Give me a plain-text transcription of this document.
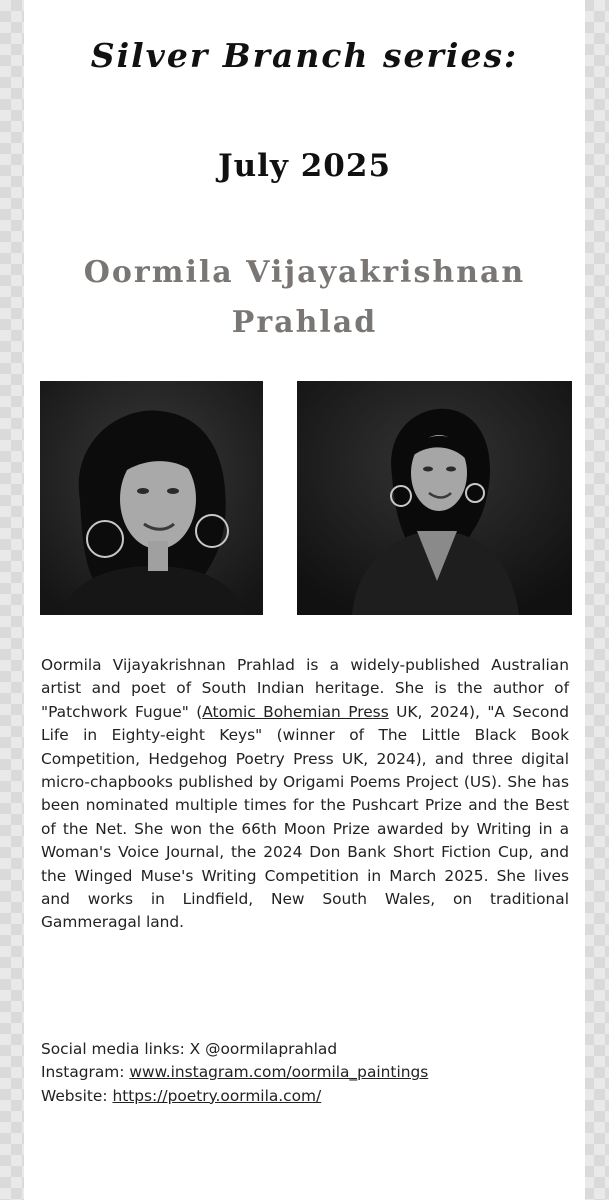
Silver Branch series:
July 2025
Oormila Vijayakrishnan Prahlad

Oormila Vijayakrishnan Prahlad is a widely-published Australian artist and poet of South Indian heritage. She is the author of "Patchwork Fugue" (Atomic Bohemian Press UK, 2024), "A Second Life in Eighty-eight Keys" (winner of The Little Black Book Competition, Hedgehog Poetry Press UK, 2024), and three digital micro-chapbooks published by Origami Poems Project (US). She has been nominated multiple times for the Pushcart Prize and the Best of the Net. She won the 66th Moon Prize awarded by Writing in a Woman's Voice Journal, the 2024 Don Bank Short Fiction Cup, and the Winged Muse's Writing Competition in March 2025. She lives and works in Lindfield, New South Wales, on traditional Gammeragal land.

Social media links: X @oormilaprahlad
Instagram: www.instagram.com/oormila_paintings
Website: https://poetry.oormila.com/
